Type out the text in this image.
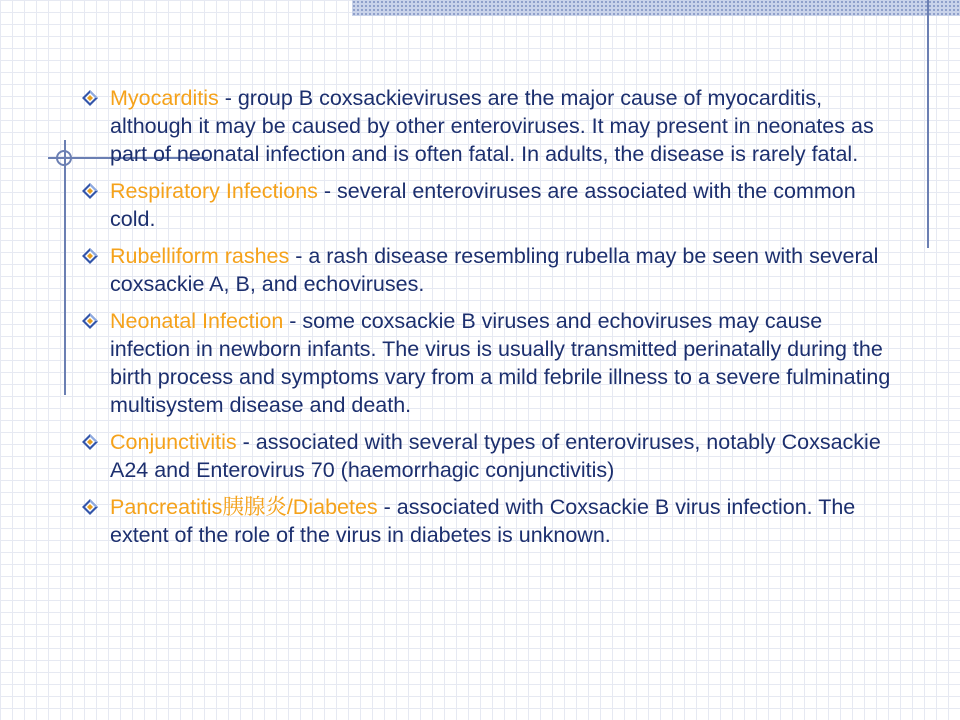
Myocarditis - group B coxsackieviruses are the major cause of myocarditis, although it may be caused by other enteroviruses. It may present in neonates as part of neonatal infection and is often fatal. In adults, the disease is rarely fatal.
Respiratory Infections - several enteroviruses are associated with the common cold.
Rubelliform rashes - a rash disease resembling rubella may be seen with several coxsackie A, B, and echoviruses.
Neonatal Infection - some coxsackie B viruses and echoviruses may cause infection in newborn infants. The virus is usually transmitted perinatally during the birth process and symptoms vary from a mild febrile illness to a severe fulminating multisystem disease and death.
Conjunctivitis - associated with several types of enteroviruses, notably Coxsackie A24 and Enterovirus 70 (haemorrhagic conjunctivitis)
Pancreatitis胰腺炎/Diabetes - associated with Coxsackie B virus infection. The extent of the role of the virus in diabetes is unknown.
